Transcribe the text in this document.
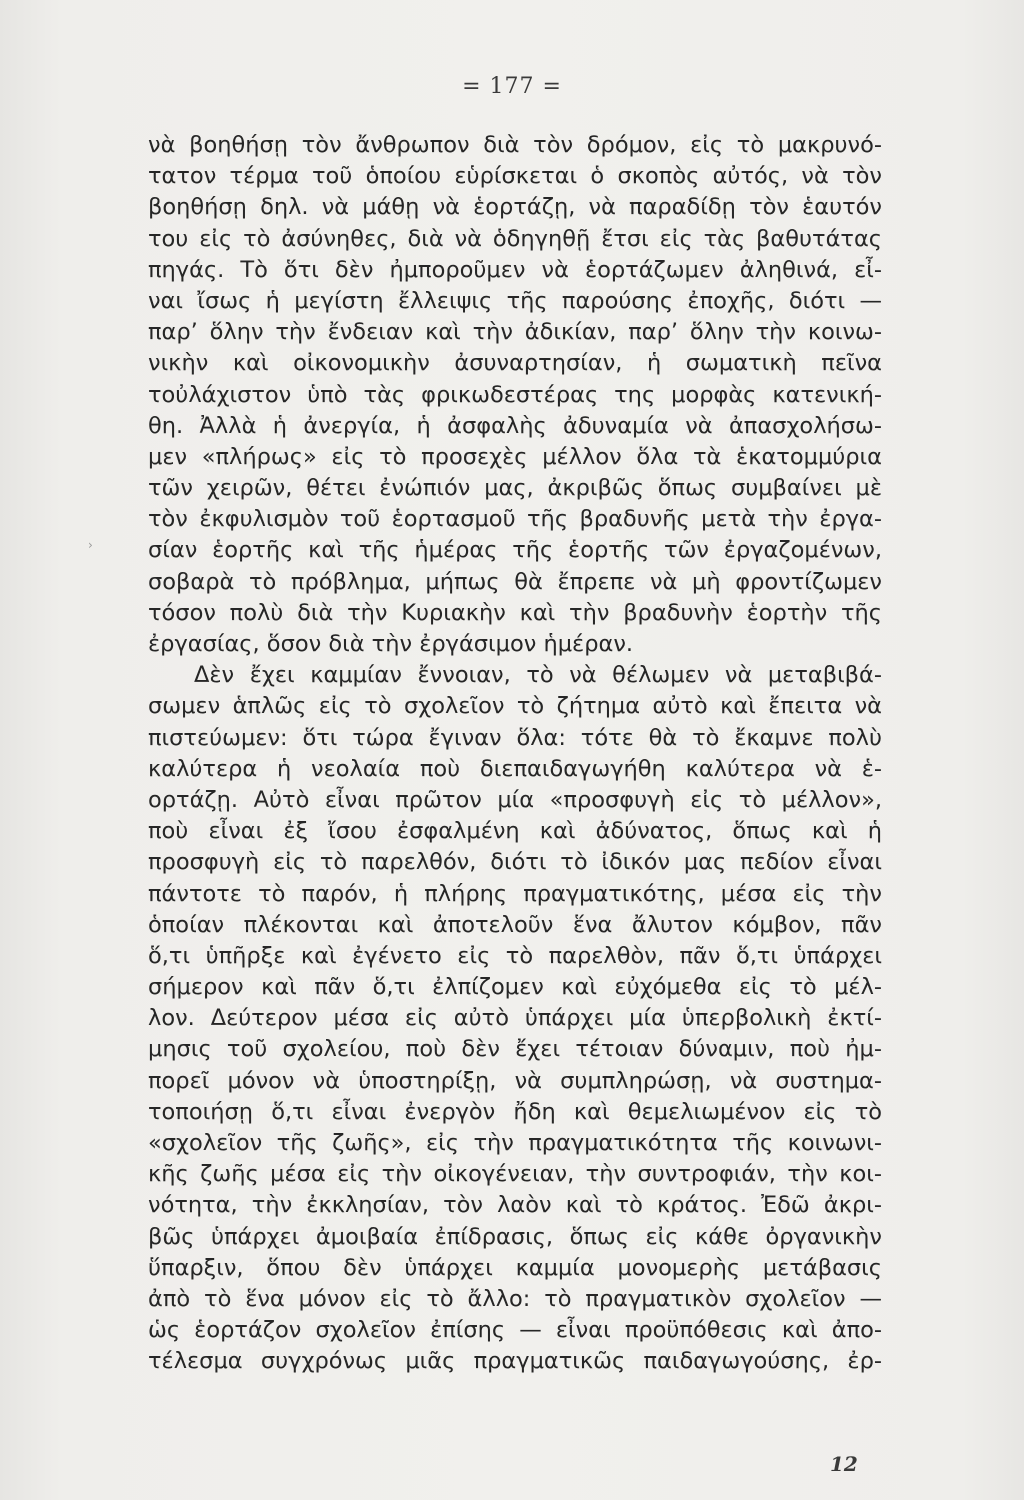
= 177 =
›
νὰ βοηθήσῃ τὸν ἄνθρωπον διὰ τὸν δρόμον, εἰς τὸ μακρυνό-
τατον τέρμα τοῦ ὁποίου εὑρίσκεται ὁ σκοπὸς αὐτός, νὰ τὸν
βοηθήσῃ δηλ. νὰ μάθῃ νὰ ἑορτάζῃ, νὰ παραδίδῃ τὸν ἑαυτόν
του εἰς τὸ ἀσύνηθες, διὰ νὰ ὁδηγηθῇ ἔτσι εἰς τὰς βαθυτάτας
πηγάς. Τὸ ὅτι δὲν ἠμποροῦμεν νὰ ἑορτάζωμεν ἀληθινά, εἶ-
ναι ἴσως ἡ μεγίστη ἔλλειψις τῆς παρούσης ἐποχῆς, διότι —
παρ’ ὅλην τὴν ἔνδειαν καὶ τὴν ἀδικίαν, παρ’ ὅλην τὴν κοινω-
νικὴν καὶ οἰκονομικὴν ἀσυναρτησίαν, ἡ σωματικὴ πεῖνα
τοὐλάχιστον ὑπὸ τὰς φρικωδεστέρας της μορφὰς κατενική-
θη. Ἀλλὰ ἡ ἀνεργία, ἡ ἀσφαλὴς ἀδυναμία νὰ ἀπασχολήσω-
μεν «πλήρως» εἰς τὸ προσεχὲς μέλλον ὅλα τὰ ἑκατομμύρια
τῶν χειρῶν, θέτει ἐνώπιόν μας, ἀκριβῶς ὅπως συμβαίνει μὲ
τὸν ἐκφυλισμὸν τοῦ ἑορτασμοῦ τῆς βραδυνῆς μετὰ τὴν ἐργα-
σίαν ἑορτῆς καὶ τῆς ἡμέρας τῆς ἑορτῆς τῶν ἐργαζομένων,
σοβαρὰ τὸ πρόβλημα, μήπως θὰ ἔπρεπε νὰ μὴ φροντίζωμεν
τόσον πολὺ διὰ τὴν Κυριακὴν καὶ τὴν βραδυνὴν ἑορτὴν τῆς
ἐργασίας, ὅσον διὰ τὴν ἐργάσιμον ἡμέραν.
Δὲν ἔχει καμμίαν ἔννοιαν, τὸ νὰ θέλωμεν νὰ μεταβιβά-
σωμεν ἁπλῶς εἰς τὸ σχολεῖον τὸ ζήτημα αὐτὸ καὶ ἔπειτα νὰ
πιστεύωμεν: ὅτι τώρα ἔγιναν ὅλα: τότε θὰ τὸ ἔκαμνε πολὺ
καλύτερα ἡ νεολαία ποὺ διεπαιδαγωγήθη καλύτερα νὰ ἑ-
ορτάζῃ. Αὐτὸ εἶναι πρῶτον μία «προσφυγὴ εἰς τὸ μέλλον»,
ποὺ εἶναι ἐξ ἴσου ἐσφαλμένη καὶ ἀδύνατος, ὅπως καὶ ἡ
προσφυγὴ εἰς τὸ παρελθόν, διότι τὸ ἰδικόν μας πεδίον εἶναι
πάντοτε τὸ παρόν, ἡ πλήρης πραγματικότης, μέσα εἰς τὴν
ὁποίαν πλέκονται καὶ ἀποτελοῦν ἕνα ἄλυτον κόμβον, πᾶν
ὅ,τι ὑπῆρξε καὶ ἐγένετο εἰς τὸ παρελθὸν, πᾶν ὅ,τι ὑπάρχει
σήμερον καὶ πᾶν ὅ,τι ἐλπίζομεν καὶ εὐχόμεθα εἰς τὸ μέλ-
λον. Δεύτερον μέσα εἰς αὐτὸ ὑπάρχει μία ὑπερβολικὴ ἐκτί-
μησις τοῦ σχολείου, ποὺ δὲν ἔχει τέτοιαν δύναμιν, ποὺ ἠμ-
πορεῖ μόνον νὰ ὑποστηρίξῃ, νὰ συμπληρώσῃ, νὰ συστημα-
τοποιήσῃ ὅ,τι εἶναι ἐνεργὸν ἤδη καὶ θεμελιωμένον εἰς τὸ
«σχολεῖον τῆς ζωῆς», εἰς τὴν πραγματικότητα τῆς κοινωνι-
κῆς ζωῆς μέσα εἰς τὴν οἰκογένειαν, τὴν συντροφιάν, τὴν κοι-
νότητα, τὴν ἐκκλησίαν, τὸν λαὸν καὶ τὸ κράτος. Ἐδῶ ἀκρι-
βῶς ὑπάρχει ἀμοιβαία ἐπίδρασις, ὅπως εἰς κάθε ὀργανικὴν
ὕπαρξιν, ὅπου δὲν ὑπάρχει καμμία μονομερὴς μετάβασις
ἀπὸ τὸ ἕνα μόνον εἰς τὸ ἄλλο: τὸ πραγματικὸν σχολεῖον —
ὡς ἑορτάζον σχολεῖον ἐπίσης — εἶναι προϋπόθεσις καὶ ἀπο-
τέλεσμα συγχρόνως μιᾶς πραγματικῶς παιδαγωγούσης, ἐρ-
12
